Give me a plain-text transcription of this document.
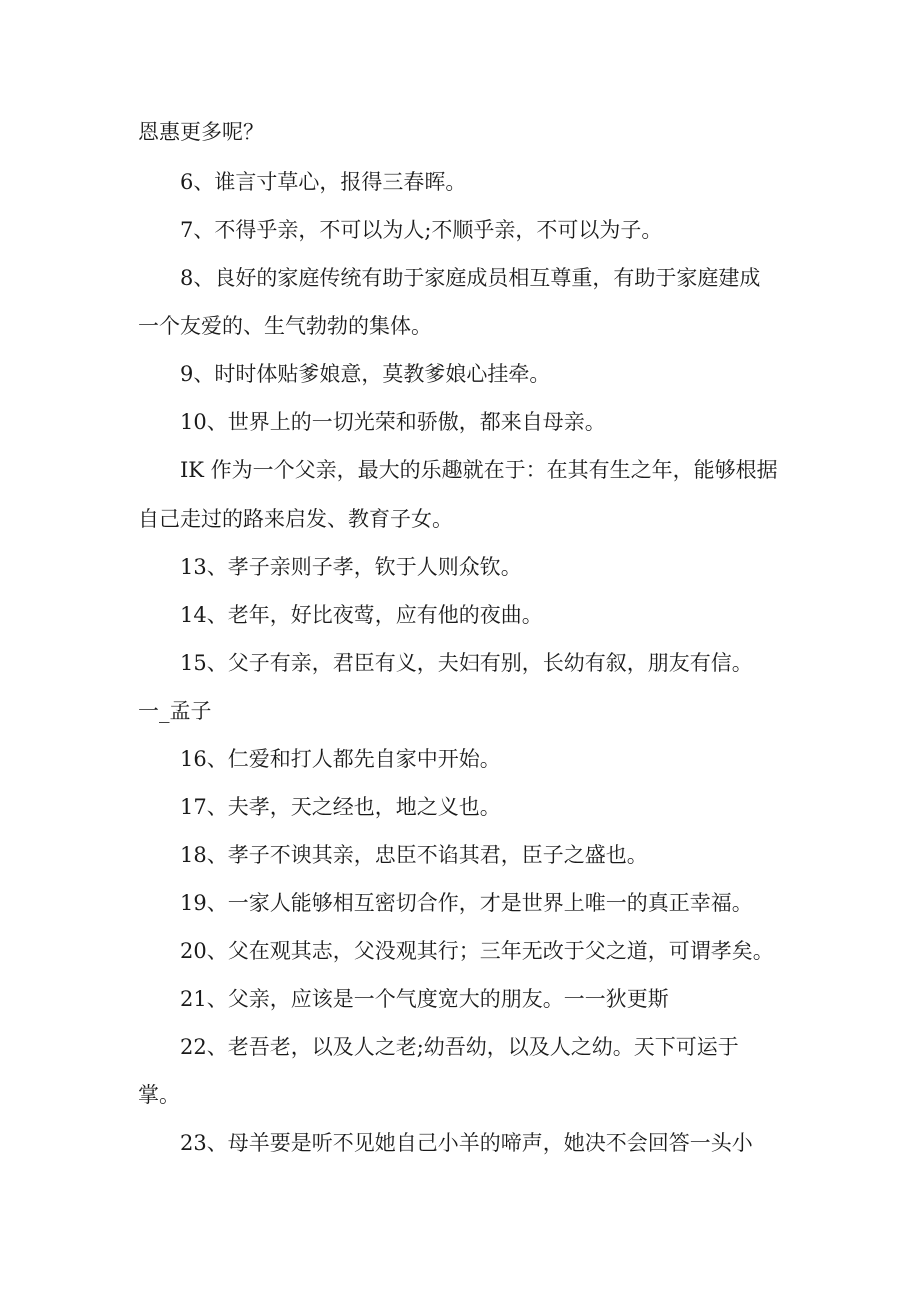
恩惠更多呢？
6、谁言寸草心，报得三春晖。
7、不得乎亲，不可以为人;不顺乎亲，不可以为子。
8、良好的家庭传统有助于家庭成员相互尊重，有助于家庭建成
一个友爱的、生气勃勃的集体。
9、时时体贴爹娘意，莫教爹娘心挂牵。
10、世界上的一切光荣和骄傲，都来自母亲。
IK 作为一个父亲，最大的乐趣就在于：在其有生之年，能够根据
自己走过的路来启发、教育子女。
13、孝子亲则子孝，钦于人则众钦。
14、老年，好比夜莺，应有他的夜曲。
15、父子有亲，君臣有义，夫妇有别，长幼有叙，朋友有信。
一_孟子
16、仁爱和打人都先自家中开始。
17、夫孝，天之经也，地之义也。
18、孝子不谀其亲，忠臣不谄其君，臣子之盛也。
19、一家人能够相互密切合作，才是世界上唯一的真正幸福。
20、父在观其志，父没观其行；三年无改于父之道，可谓孝矣。
21、父亲，应该是一个气度宽大的朋友。一一狄更斯
22、老吾老，以及人之老;幼吾幼，以及人之幼。天下可运于
掌。
23、母羊要是听不见她自己小羊的啼声，她决不会回答一头小
